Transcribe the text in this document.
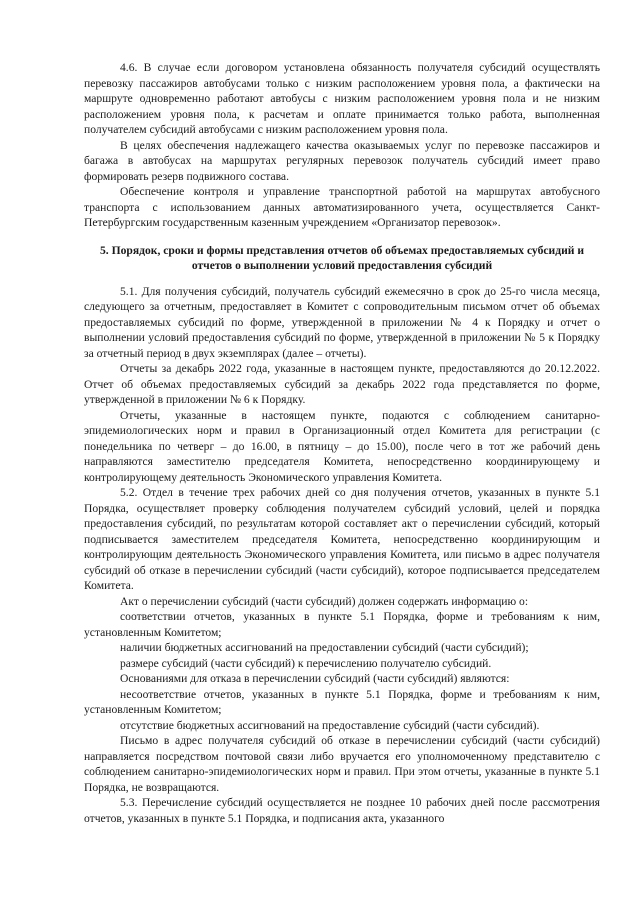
4.6. В случае если договором установлена обязанность получателя субсидий осуществлять перевозку пассажиров автобусами только с низким расположением уровня пола, а фактически на маршруте одновременно работают автобусы с низким расположением уровня пола и не низким расположением уровня пола, к расчетам и оплате принимается только работа, выполненная получателем субсидий автобусами с низким расположением уровня пола.

В целях обеспечения надлежащего качества оказываемых услуг по перевозке пассажиров и багажа в автобусах на маршрутах регулярных перевозок получатель субсидий имеет право формировать резерв подвижного состава.

Обеспечение контроля и управление транспортной работой на маршрутах автобусного транспорта с использованием данных автоматизированного учета, осуществляется Санкт-Петербургским государственным казенным учреждением «Организатор перевозок».

5. Порядок, сроки и формы представления отчетов об объемах предоставляемых субсидий и отчетов о выполнении условий предоставления субсидий

5.1. Для получения субсидий, получатель субсидий ежемесячно в срок до 25-го числа месяца, следующего за отчетным, предоставляет в Комитет с сопроводительным письмом отчет об объемах предоставляемых субсидий по форме, утвержденной в приложении № 4 к Порядку и отчет о выполнении условий предоставления субсидий по форме, утвержденной в приложении № 5 к Порядку за отчетный период в двух экземплярах (далее – отчеты).

Отчеты за декабрь 2022 года, указанные в настоящем пункте, предоставляются до 20.12.2022. Отчет об объемах предоставляемых субсидий за декабрь 2022 года представляется по форме, утвержденной в приложении № 6 к Порядку.

Отчеты, указанные в настоящем пункте, подаются с соблюдением санитарно-эпидемиологических норм и правил в Организационный отдел Комитета для регистрации (с понедельника по четверг – до 16.00, в пятницу – до 15.00), после чего в тот же рабочий день направляются заместителю председателя Комитета, непосредственно координирующему и контролирующему деятельность Экономического управления Комитета.

5.2. Отдел в течение трех рабочих дней со дня получения отчетов, указанных в пункте 5.1 Порядка, осуществляет проверку соблюдения получателем субсидий условий, целей и порядка предоставления субсидий, по результатам которой составляет акт о перечислении субсидий, который подписывается заместителем председателя Комитета, непосредственно координирующим и контролирующим деятельность Экономического управления Комитета, или письмо в адрес получателя субсидий об отказе в перечислении субсидий (части субсидий), которое подписывается председателем Комитета.

Акт о перечислении субсидий (части субсидий) должен содержать информацию о:

соответствии отчетов, указанных в пункте 5.1 Порядка, форме и требованиям к ним, установленным Комитетом;

наличии бюджетных ассигнований на предоставлении субсидий (части субсидий);

размере субсидий (части субсидий) к перечислению получателю субсидий.

Основаниями для отказа в перечислении субсидий (части субсидий) являются:

несоответствие отчетов, указанных в пункте 5.1 Порядка, форме и требованиям к ним, установленным Комитетом;

отсутствие бюджетных ассигнований на предоставление субсидий (части субсидий).

Письмо в адрес получателя субсидий об отказе в перечислении субсидий (части субсидий) направляется посредством почтовой связи либо вручается его уполномоченному представителю с соблюдением санитарно-эпидемиологических норм и правил. При этом отчеты, указанные в пункте 5.1 Порядка, не возвращаются.

5.3. Перечисление субсидий осуществляется не позднее 10 рабочих дней после рассмотрения отчетов, указанных в пункте 5.1 Порядка, и подписания акта, указанного
